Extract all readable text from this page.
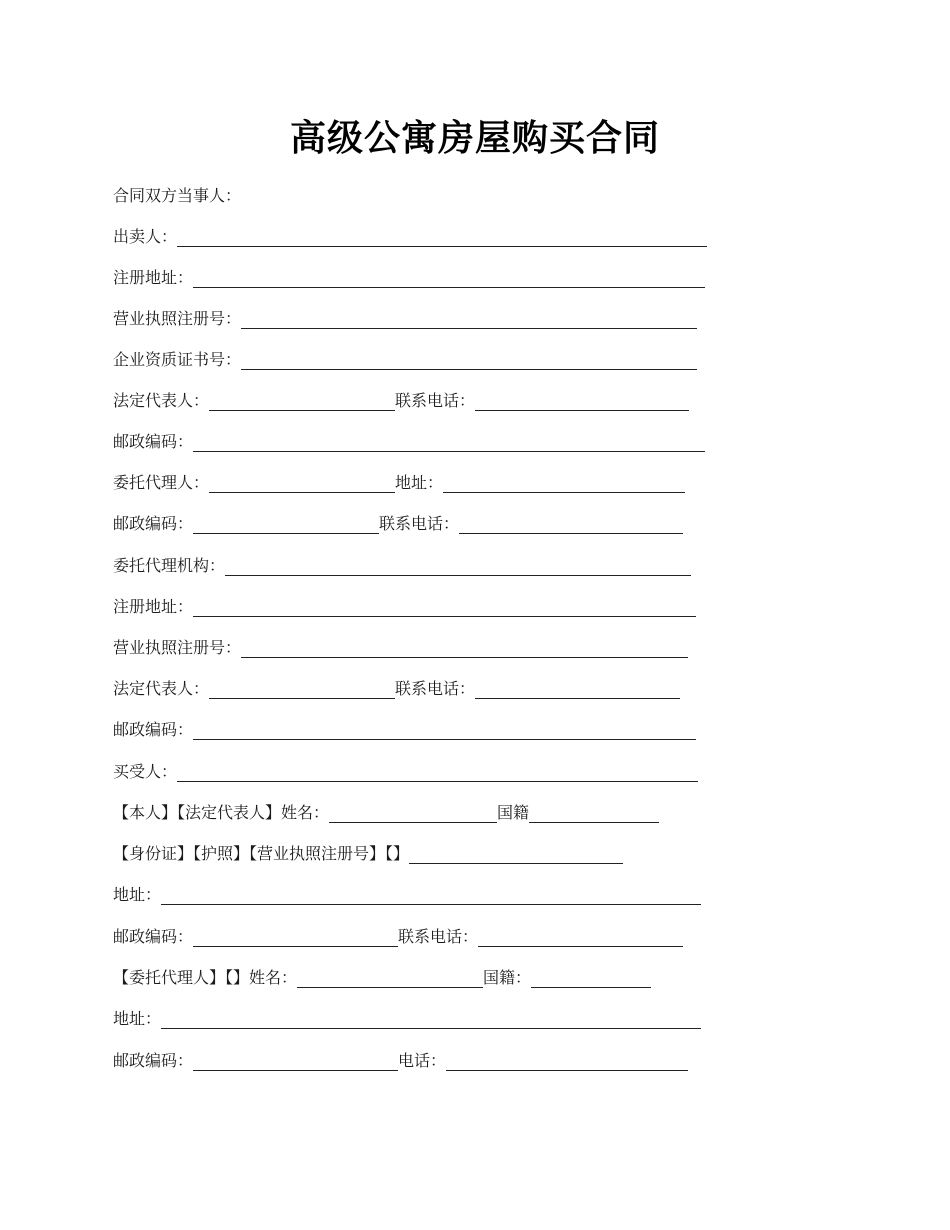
高级公寓房屋购买合同
合同双方当事人：
出卖人：
注册地址：
营业执照注册号：
企业资质证书号：
法定代表人：	联系电话：
邮政编码：
委托代理人：	地址：
邮政编码：	联系电话：
委托代理机构：
注册地址：
营业执照注册号：
法定代表人：	联系电话：
邮政编码：
买受人：
【本人】【法定代表人】姓名：	国籍
【身份证】【护照】【营业执照注册号】【】
地址：
邮政编码：	联系电话：
【委托代理人】【】姓名：	国籍：
地址：
邮政编码：	电话：
